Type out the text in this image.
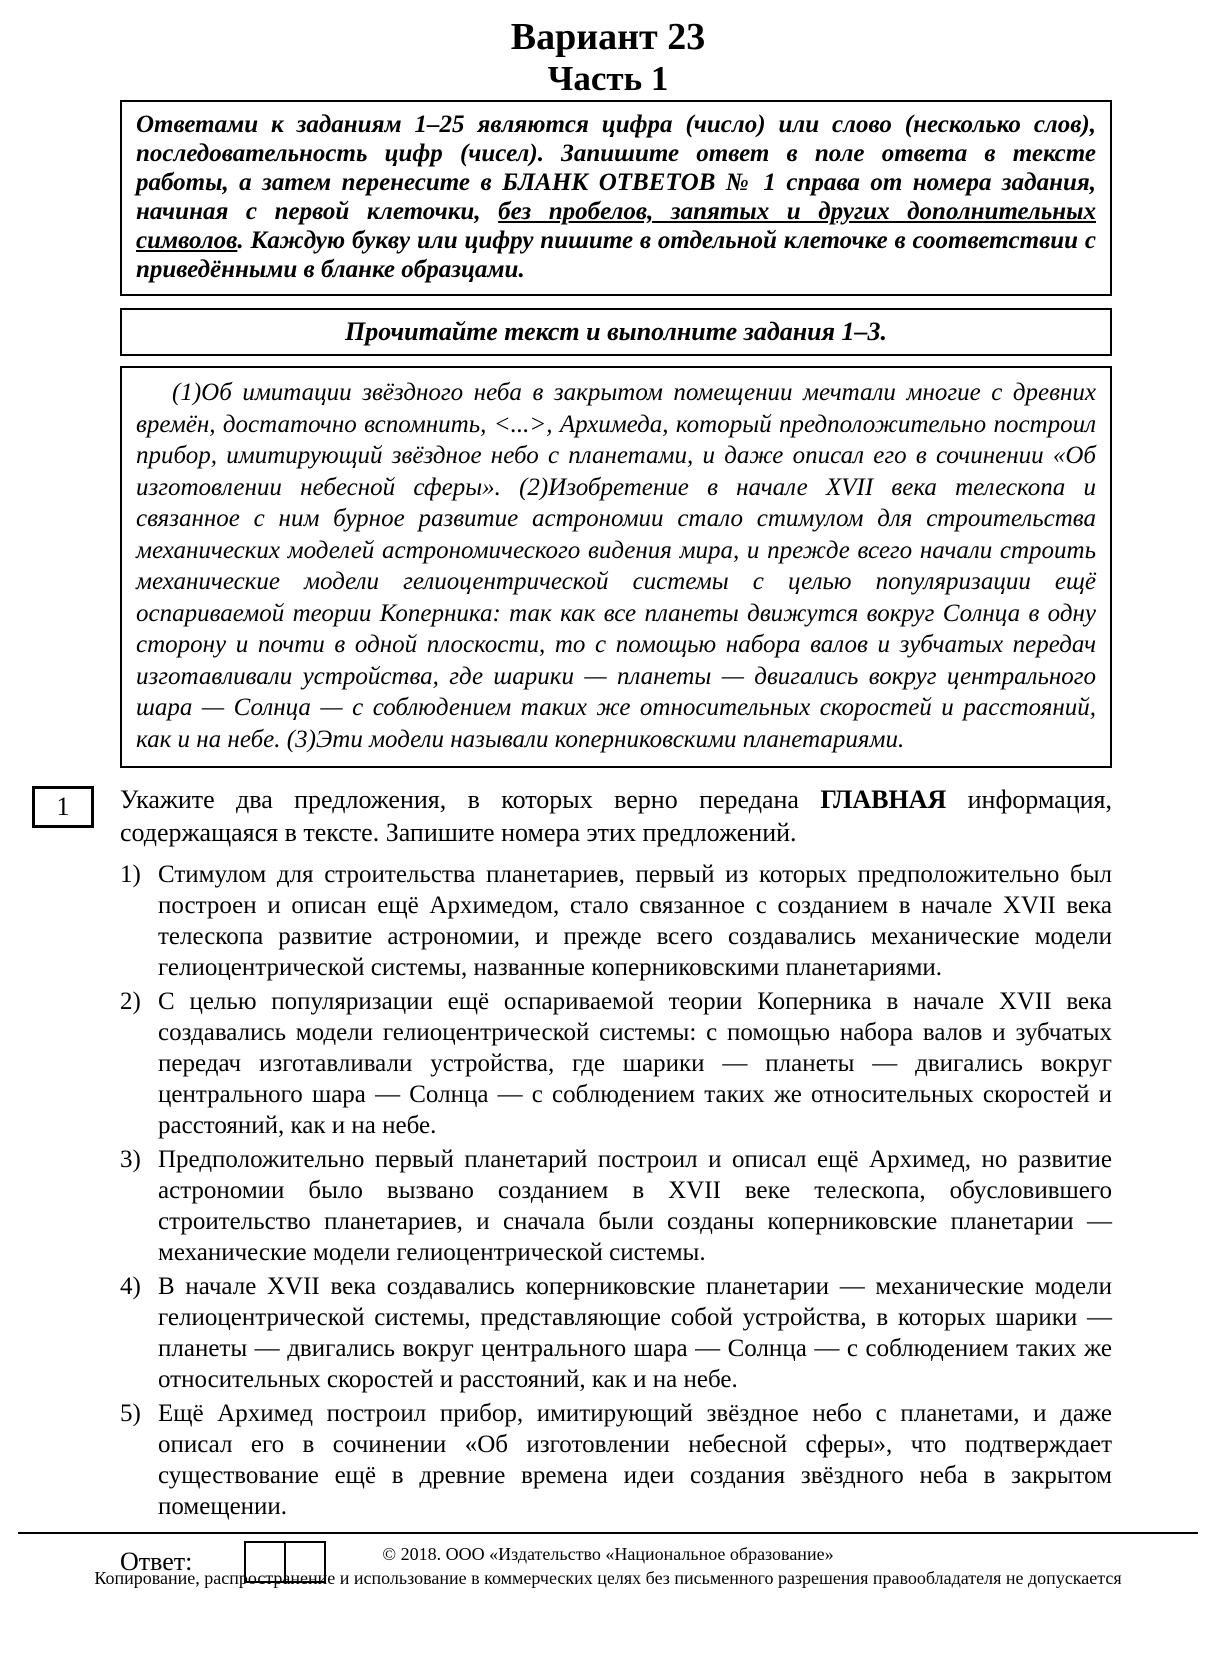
Вариант 23
Часть 1
Ответами к заданиям 1–25 являются цифра (число) или слово (несколько слов), последовательность цифр (чисел). Запишите ответ в поле ответа в тексте работы, а затем перенесите в БЛАНК ОТВЕТОВ № 1 справа от номера задания, начиная с первой клеточки, без пробелов, запятых и других дополнительных символов. Каждую букву или цифру пишите в отдельной клеточке в соответствии с приведёнными в бланке образцами.
Прочитайте текст и выполните задания 1–3.

(1)Об имитации звёздного неба в закрытом помещении мечтали многие с древних времён, достаточно вспомнить, <...>, Архимеда, который предположительно построил прибор, имитирующий звёздное небо с планетами, и даже описал его в сочинении «Об изготовлении небесной сферы». (2)Изобретение в начале XVII века телескопа и связанное с ним бурное развитие астрономии стало стимулом для строительства механических моделей астрономического видения мира, и прежде всего начали строить механические модели гелиоцентрической системы с целью популяризации ещё оспариваемой теории Коперника: так как все планеты движутся вокруг Солнца в одну сторону и почти в одной плоскости, то с помощью набора валов и зубчатых передач изготавливали устройства, где шарики — планеты — двигались вокруг центрального шара — Солнца — с соблюдением таких же относительных скоростей и расстояний, как и на небе. (3)Эти модели называли коперниковскими планетариями.

1 Укажите два предложения, в которых верно передана ГЛАВНАЯ информация, содержащаяся в тексте. Запишите номера этих предложений.

1) Стимулом для строительства планетариев, первый из которых предположительно был построен и описан ещё Архимедом, стало связанное с созданием в начале XVII века телескопа развитие астрономии, и прежде всего создавались механические модели гелиоцентрической системы, названные коперниковскими планетариями.
2) С целью популяризации ещё оспариваемой теории Коперника в начале XVII века создавались модели гелиоцентрической системы: с помощью набора валов и зубчатых передач изготавливали устройства, где шарики — планеты — двигались вокруг центрального шара — Солнца — с соблюдением таких же относительных скоростей и расстояний, как и на небе.
3) Предположительно первый планетарий построил и описал ещё Архимед, но развитие астрономии было вызвано созданием в XVII веке телескопа, обусловившего строительство планетариев, и сначала были созданы коперниковские планетарии — механические модели гелиоцентрической системы.
4) В начале XVII века создавались коперниковские планетарии — механические модели гелиоцентрической системы, представляющие собой устройства, в которых шарики — планеты — двигались вокруг центрального шара — Солнца — с соблюдением таких же относительных скоростей и расстояний, как и на небе.
5) Ещё Архимед построил прибор, имитирующий звёздное небо с планетами, и даже описал его в сочинении «Об изготовлении небесной сферы», что подтверждает существование ещё в древние времена идеи создания звёздного неба в закрытом помещении.
Ответ:	© 2018. ООО «Издательство «Национальное образование»
Копирование, распространение и использование в коммерческих целях без письменного разрешения правообладателя не допускается
